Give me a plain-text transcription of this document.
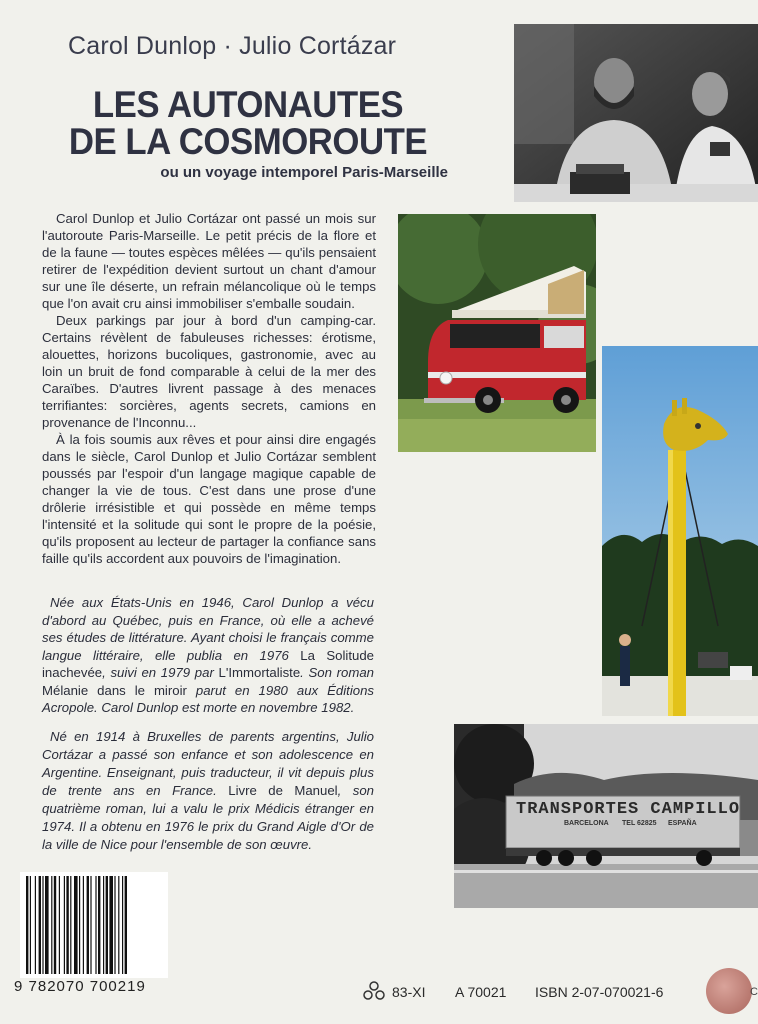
Carol Dunlop · Julio Cortázar
LES AUTONAUTES
DE LA COSMOROUTE
ou un voyage intemporel Paris-Marseille

Carol Dunlop et Julio Cortázar ont passé un mois sur l'autoroute Paris-Marseille. Le petit précis de la flore et de la faune — toutes espèces mêlées — qu'ils pensaient retirer de l'expédition devient surtout un chant d'amour sur une île déserte, un refrain mélancolique où le temps que l'on avait cru ainsi immobiliser s'emballe soudain.

Deux parkings par jour à bord d'un camping-car. Certains révèlent de fabuleuses richesses: érotisme, alouettes, horizons bucoliques, gastronomie, avec au loin un bruit de fond comparable à celui de la mer des Caraïbes. D'autres livrent passage à des menaces terrifiantes: sorcières, agents secrets, camions en provenance de l'Inconnu...

À la fois soumis aux rêves et pour ainsi dire engagés dans le siècle, Carol Dunlop et Julio Cortázar semblent poussés par l'espoir d'un langage magique capable de changer la vie de tous. C'est dans une prose d'une drôlerie irrésistible et qui possède en même temps l'intensité et la solitude qui sont le propre de la poésie, qu'ils proposent au lecteur de partager la confiance sans faille qu'ils accordent aux pouvoirs de l'imagination.

Née aux États-Unis en 1946, Carol Dunlop a vécu d'abord au Québec, puis en France, où elle a achevé ses études de littérature. Ayant choisi le français comme langue littéraire, elle publia en 1976 La Solitude inachevée, suivi en 1979 par L'Immortaliste. Son roman Mélanie dans le miroir parut en 1980 aux Éditions Acropole. Carol Dunlop est morte en novembre 1982.

Né en 1914 à Bruxelles de parents argentins, Julio Cortázar a passé son enfance et son adolescence en Argentine. Enseignant, puis traducteur, il vit depuis plus de trente ans en France. Livre de Manuel, son quatrième roman, lui a valu le prix Médicis étranger en 1974. Il a obtenu en 1976 le prix du Grand Aigle d'Or de la ville de Nice pour l'ensemble de son œuvre.

TRANSPORTES CAMPILLO
BARCELONA TEL 62825 ESPAÑA
9 782070 700219	83-XI A 70021 ISBN 2-07-070021-6	C
